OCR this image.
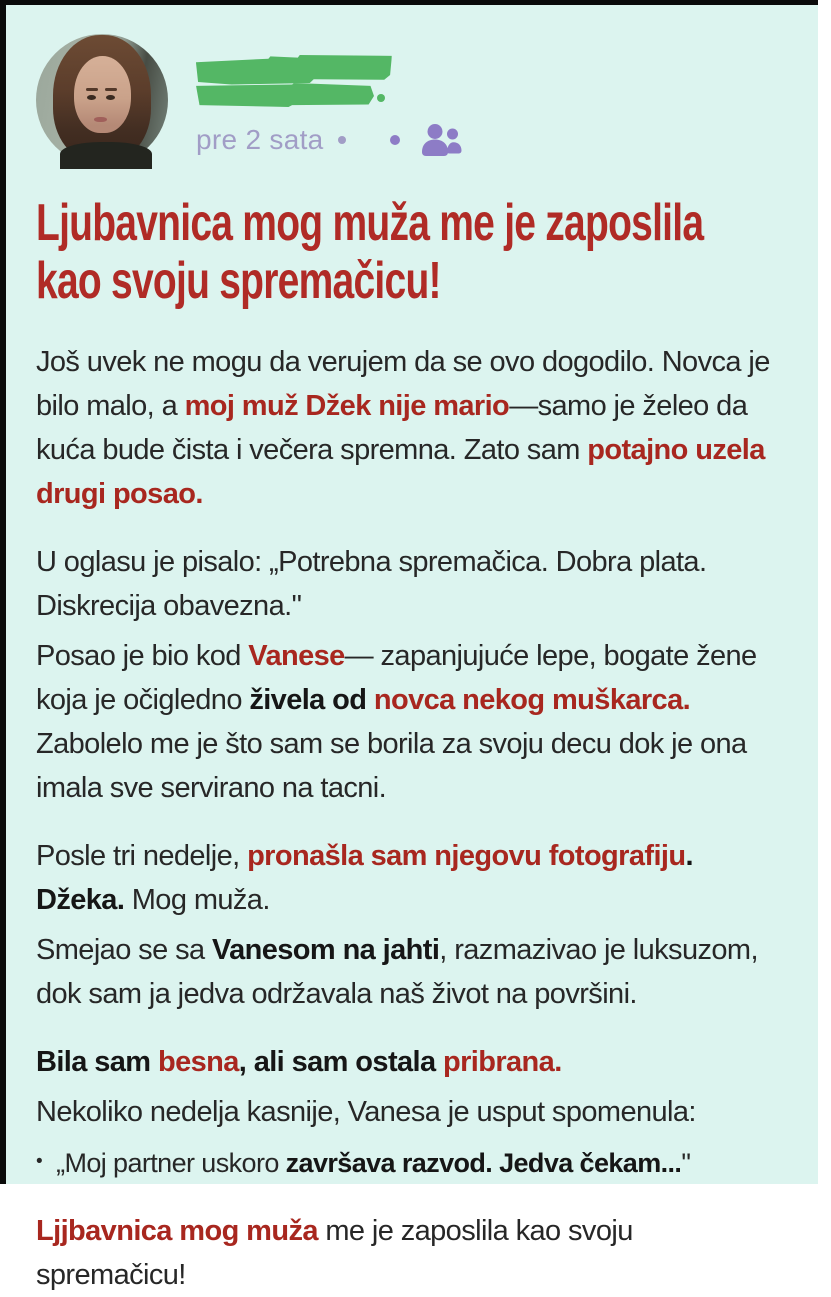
pre 2 sata
Ljubavnica mog muža me je zaposlila
kao svoju spremačicu!

Još uvek ne mogu da verujem da se ovo dogodilo. Novca je bilo malo, a moj muž Džek nije mario—samo je želeo da kuća bude čista i večera spremna. Zato sam potajno uzela drugi posao.

U oglasu je pisalo: „Potrebna spremačica. Dobra plata. Diskrecija obavezna."

Posao je bio kod Vanese— zapanjujuće lepe, bogate žene koja je očigledno živela od novca nekog muškarca. Zabolelo me je što sam se borila za svoju decu dok je ona imala sve servirano na tacni.

Posle tri nedelje, pronašla sam njegovu fotografiju. Džeka. Mog muža.

Smejao se sa Vanesom na jahti, razmazivao je luksuzom, dok sam ja jedva održavala naš život na površini.

Bila sam besna, ali sam ostala pribrana.

Nekoliko nedelja kasnije, Vanesa je usput spomenula:

• „Moj partner uskoro završava razvod. Jedva čekam..."

Ljjbavnica mog muža me je zaposlila kao svoju spremačicu!
